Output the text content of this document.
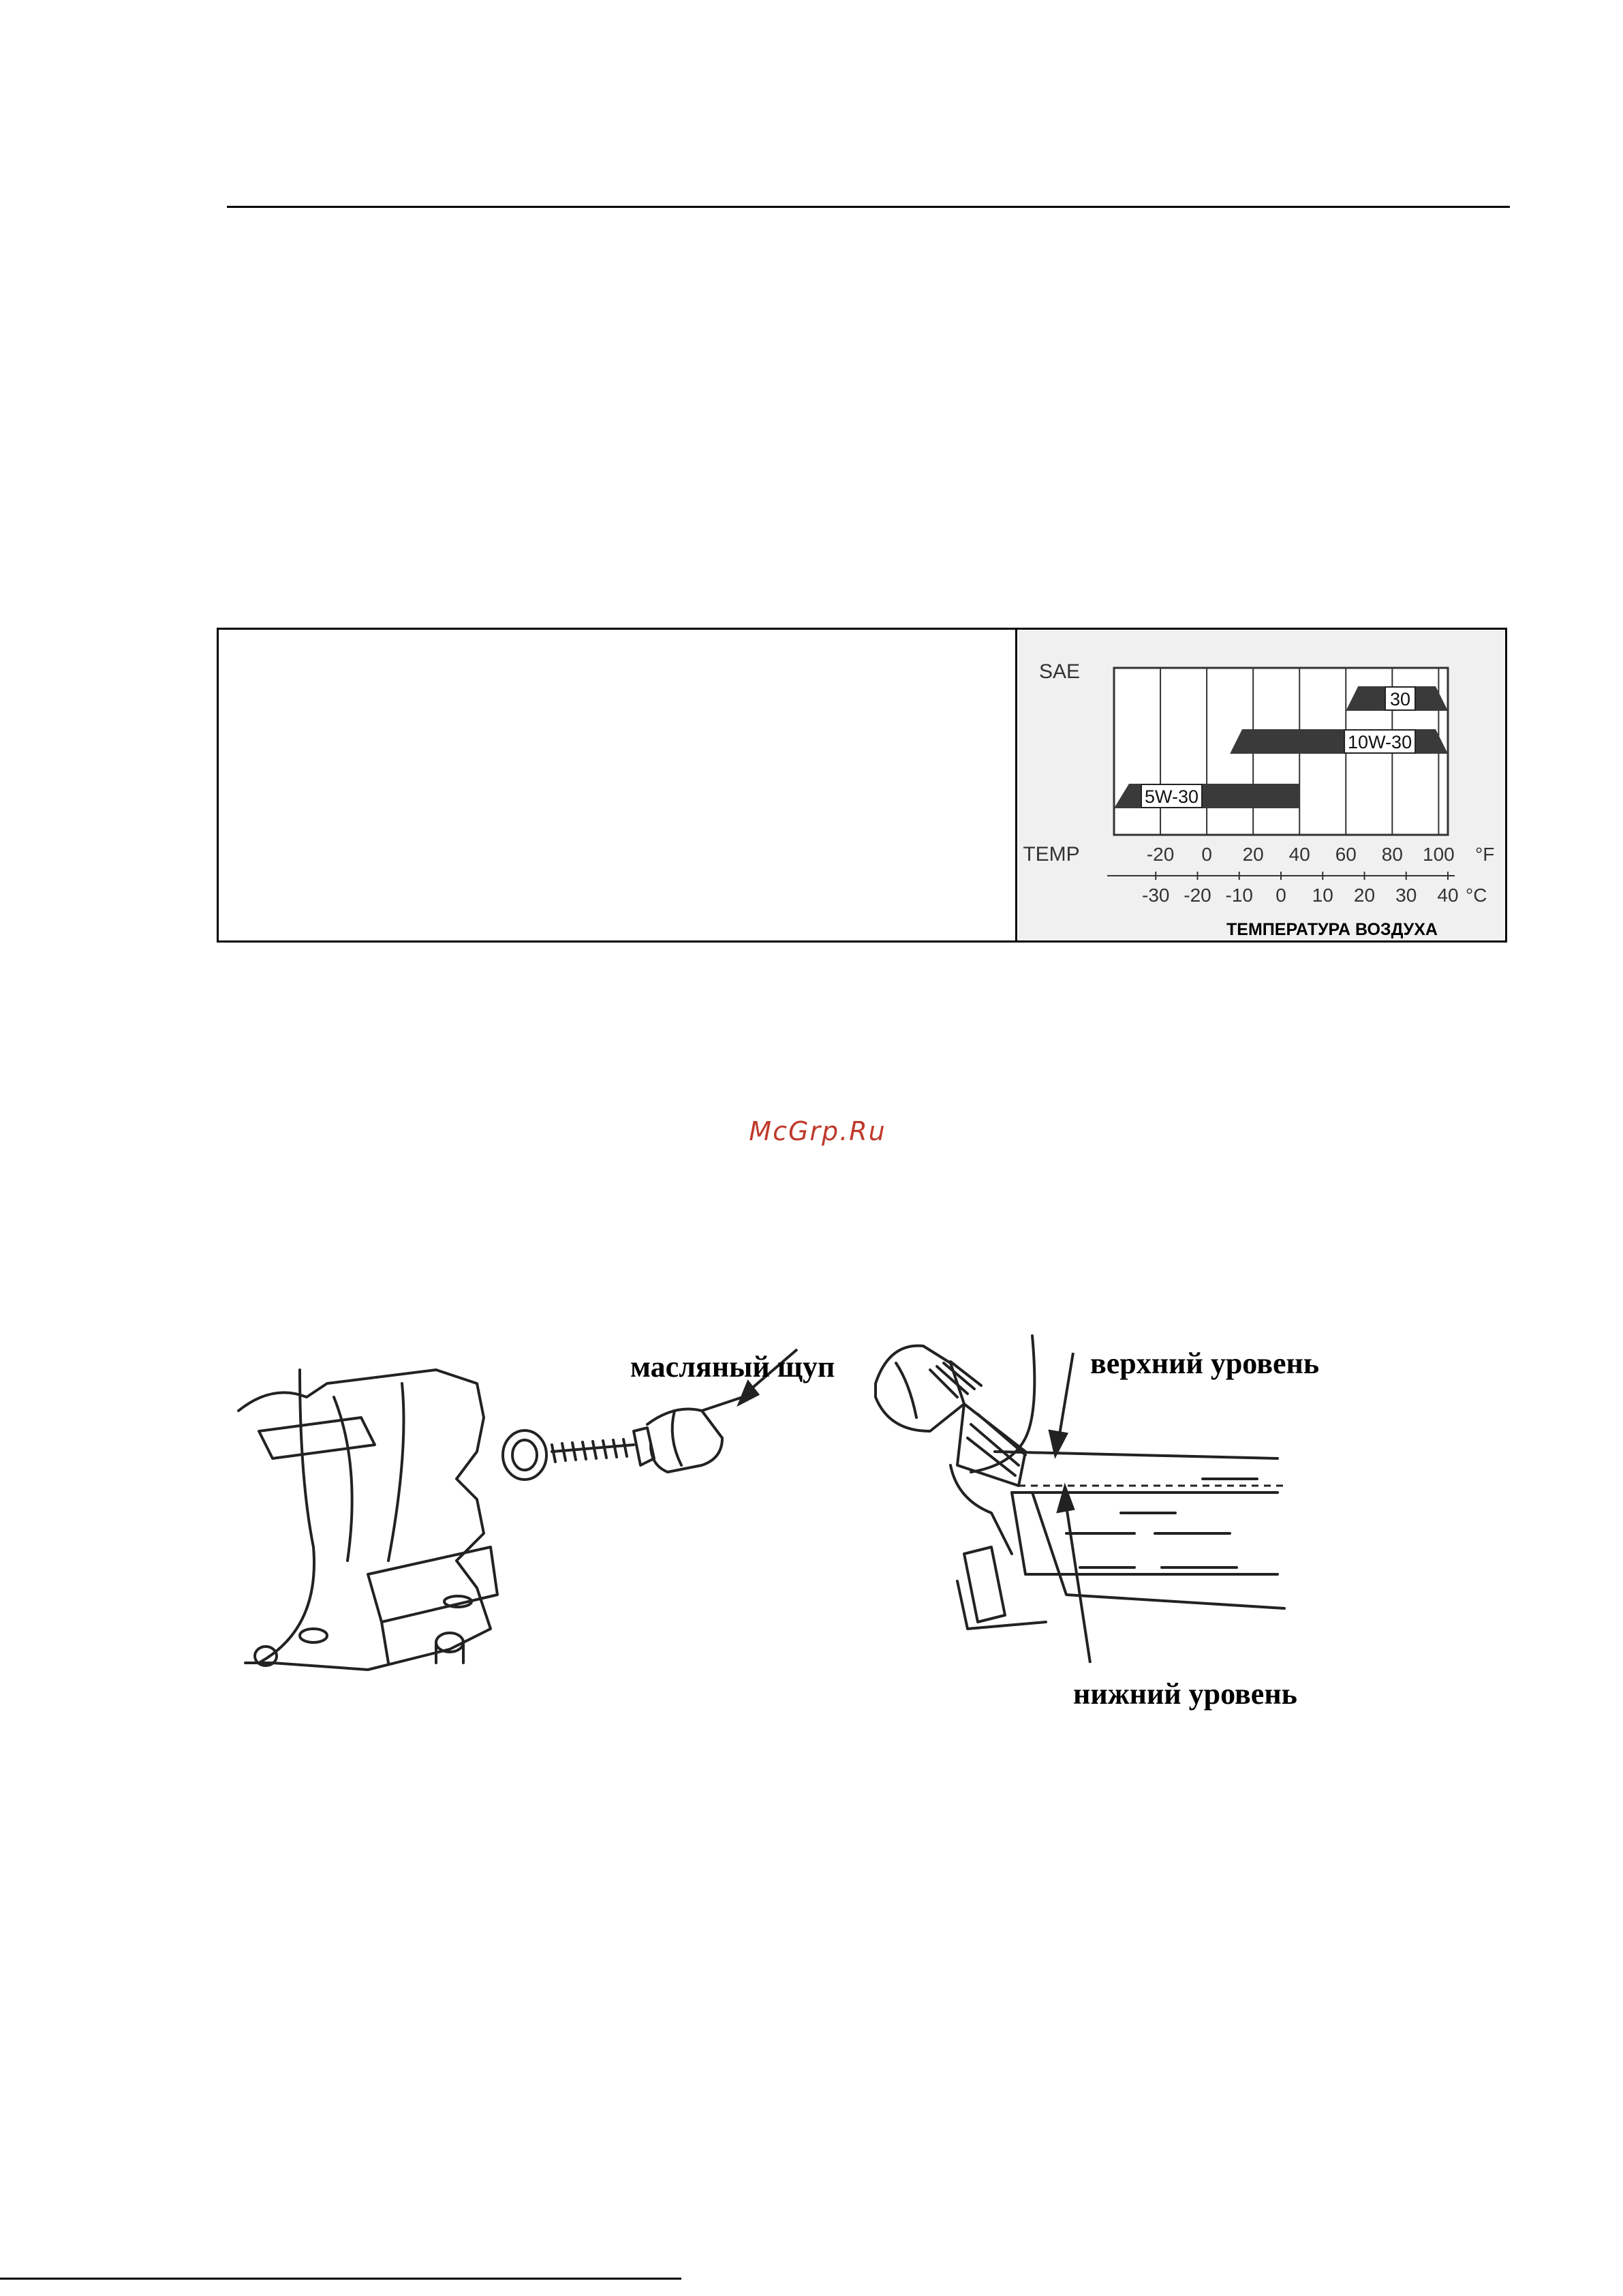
30
10W-30
5W-30
SAE
TEMP	-20 0 20 40 60 80 100 °F
-30 -20 -10 0 10 20 30 40 °C
ТЕМПЕРАТУРА ВОЗДУХА
McGrp.Ru
масляный щуп	верхний уровень
нижний уровень
